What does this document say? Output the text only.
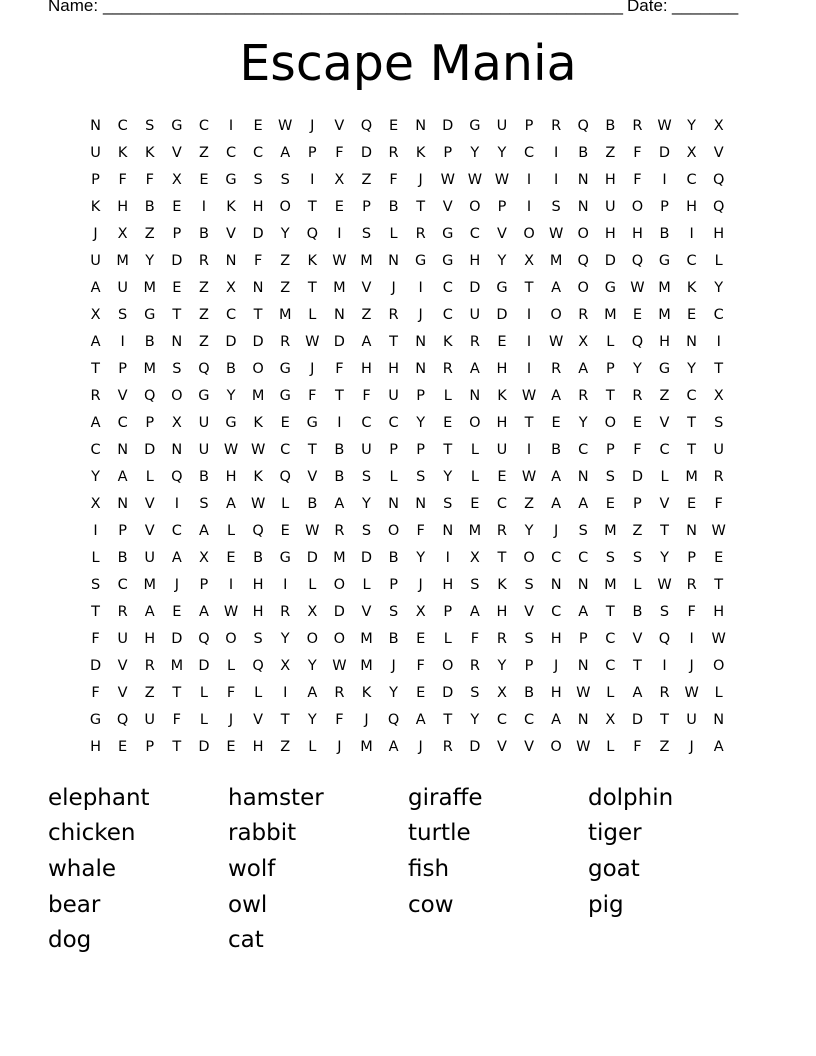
Name: _______________________________________________________ Date: _______
Escape Mania
N	C	S	G	C	I	E	W	J	V	Q	E	N	D	G	U	P	R	Q	B	R	W	Y	X
U	K	K	V	Z	C	C	A	P	F	D	R	K	P	Y	Y	C	I	B	Z	F	D	X	V
P	F	F	X	E	G	S	S	I	X	Z	F	J	W W W	I	I	N	H	F	I	C	Q
K	H	B	E	I	K	H	O	T	E	P	B	T	V	O	P	I	S	N	U	O	P	H	Q
J	X	Z	P	B	V	D	Y	Q	I	S	L	R	G	C	V	O W O	H	H	B	I	H
U	M	Y	D	R	N	F	Z	K	W M	N	G	G	H	Y	X	M	Q	D	Q	G	C	L
A	U	M	E	Z	X	N	Z	T	M	V	J	I	C	D	G	T	A	O	G W M	K	Y
X	S	G	T	Z	C	T	M	L	N	Z	R	J	C	U	D	I	O	R	M	E	M	E	C
A	I	B	N	Z	D	D	R	W D	A	T	N	K	R	E	I	W	X	L	Q	H	N	I
T	P	M	S	Q	B	O	G	J	F	H	H	N	R	A	H	I	R	A	P	Y	G	Y	T
R	V	Q	O	G	Y	M	G	F	T	F	U	P	L	N	K	W	A	R	T	R	Z	C	X
A	C	P	X	U	G	K	E	G	I	C	C	Y	E	O	H	T	E	Y	O	E	V	T	S
C	N	D	N	U	W W	C	T	B	U	P	P	T	L	U	I	B	C	P	F	C	T	U
Y	A	L	Q	B	H	K	Q	V	B	S	L	S	Y	L	E	W	A	N	S	D	L	M	R
X	N	V	I	S	A	W	L	B	A	Y	N	N	S	E	C	Z	A	A	E	P	V	E	F
I	P	V	C	A	L	Q	E	W	R	S	O	F	N	M	R	Y	J	S	M	Z	T	N	W
L	B	U	A	X	E	B	G	D	M	D	B	Y	I	X	T	O	C	C	S	S	Y	P	E
S	C	M	J	P	I	H	I	L	O	L	P	J	H	S	K	S	N	N	M	L	W	R	T
T	R	A	E	A	W H	R	X	D	V	S	X	P	A	H	V	C	A	T	B	S	F	H
F	U	H	D	Q	O	S	Y	O	O	M	B	E	L	F	R	S	H	P	C	V	Q	I	W
D	V	R	M	D	L	Q	X	Y	W M	J	F	O	R	Y	P	J	N	C	T	I	J	O
F	V	Z	T	L	F	L	I	A	R	K	Y	E	D	S	X	B	H W	L	A	R	W	L
G	Q	U	F	L	J	V	T	Y	F	J	Q	A	T	Y	C	C	A	N	X	D	T	U	N
H	E	P	T	D	E	H	Z	L	J	M	A	J	R	D	V	V	O W	L	F	Z	J	A
elephant	hamster	giraffe	dolphin
chicken	rabbit	turtle	tiger
whale	wolf	fish	goat
bear	owl	cow	pig
dog	cat
